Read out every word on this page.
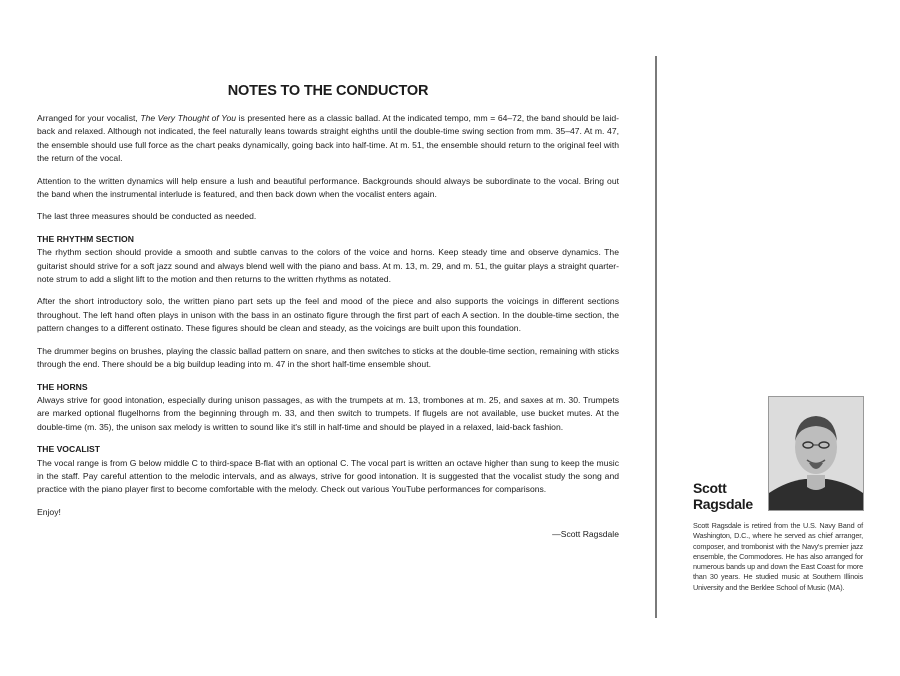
NOTES TO THE CONDUCTOR

Arranged for your vocalist, The Very Thought of You is presented here as a classic ballad. At the indicated tempo, mm = 64–72, the band should be laid-back and relaxed. Although not indicated, the feel naturally leans towards straight eighths until the double-time swing section from mm. 35–47. At m. 47, the ensemble should use full force as the chart peaks dynamically, going back into half-time. At m. 51, the ensemble should return to the original feel with the return of the vocal.

Attention to the written dynamics will help ensure a lush and beautiful performance. Backgrounds should always be subordinate to the vocal. Bring out the band when the instrumental interlude is featured, and then back down when the vocalist enters again.

The last three measures should be conducted as needed.

THE RHYTHM SECTION

The rhythm section should provide a smooth and subtle canvas to the colors of the voice and horns. Keep steady time and observe dynamics. The guitarist should strive for a soft jazz sound and always blend well with the piano and bass. At m. 13, m. 29, and m. 51, the guitar plays a straight quarter-note strum to add a slight lift to the motion and then returns to the written rhythms as notated.

After the short introductory solo, the written piano part sets up the feel and mood of the piece and also supports the voicings in different sections throughout. The left hand often plays in unison with the bass in an ostinato figure through the first part of each A section. In the double-time section, the pattern changes to a different ostinato. These figures should be clean and steady, as the voicings are built upon this foundation.

The drummer begins on brushes, playing the classic ballad pattern on snare, and then switches to sticks at the double-time section, remaining with sticks through the end. There should be a big buildup leading into m. 47 in the short half-time ensemble shout.

THE HORNS

Always strive for good intonation, especially during unison passages, as with the trumpets at m. 13, trombones at m. 25, and saxes at m. 30. Trumpets are marked optional flugelhorns from the beginning through m. 33, and then switch to trumpets. If flugels are not available, use bucket mutes. At the double-time (m. 35), the unison sax melody is written to sound like it's still in half-time and should be played in a relaxed, laid-back fashion.

THE VOCALIST

The vocal range is from G below middle C to third-space B-flat with an optional C. The vocal part is written an octave higher than sung to keep the music in the staff. Pay careful attention to the melodic intervals, and as always, strive for good intonation. It is suggested that the vocalist study the song and practice with the piano player first to become comfortable with the melody. Check out various YouTube performances for comparisons.

Enjoy!

—Scott Ragsdale

Scott
Ragsdale
Scott Ragsdale is retired from the U.S. Navy Band of Washington, D.C., where he served as chief arranger, composer, and trombonist with the Navy's premier jazz ensemble, the Commodores. He has also arranged for numerous bands up and down the East Coast for more than 30 years. He studied music at Southern Illinois University and the Berklee School of Music (MA).
